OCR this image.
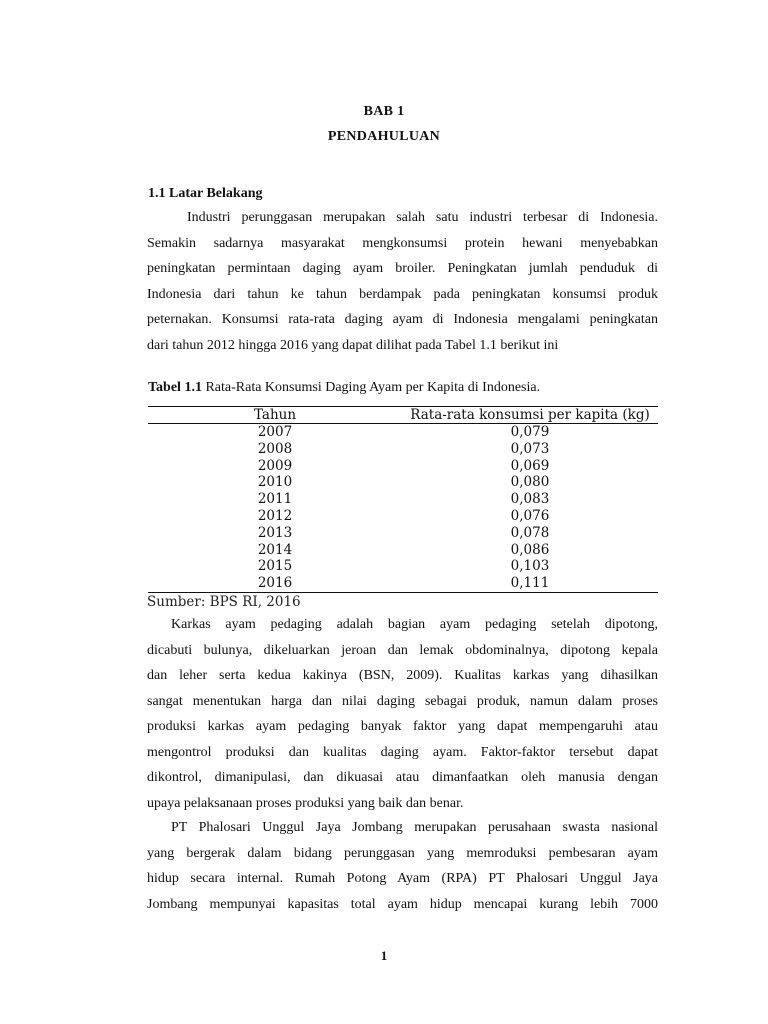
BAB 1
PENDAHULUAN
1.1 Latar Belakang
Industri perunggasan merupakan salah satu industri terbesar di Indonesia.
Semakin sadarnya masyarakat mengkonsumsi protein hewani menyebabkan
peningkatan permintaan daging ayam broiler. Peningkatan jumlah penduduk di
Indonesia dari tahun ke tahun berdampak pada peningkatan konsumsi produk
peternakan. Konsumsi rata-rata daging ayam di Indonesia mengalami peningkatan
dari tahun 2012 hingga 2016 yang dapat dilihat pada Tabel 1.1 berikut ini
Tabel 1.1 Rata-Rata Konsumsi Daging Ayam per Kapita di Indonesia.
Tahun	Rata-rata konsumsi per kapita (kg)
2007	0,079
2008	0,073
2009	0,069
2010	0,080
2011	0,083
2012	0,076
2013	0,078
2014	0,086
2015	0,103
2016	0,111
Sumber: BPS RI, 2016
Karkas ayam pedaging adalah bagian ayam pedaging setelah dipotong,
dicabuti bulunya, dikeluarkan jeroan dan lemak obdominalnya, dipotong kepala
dan leher serta kedua kakinya (BSN, 2009). Kualitas karkas yang dihasilkan
sangat menentukan harga dan nilai daging sebagai produk, namun dalam proses
produksi karkas ayam pedaging banyak faktor yang dapat mempengaruhi atau
mengontrol produksi dan kualitas daging ayam. Faktor-faktor tersebut dapat
dikontrol, dimanipulasi, dan dikuasai atau dimanfaatkan oleh manusia dengan
upaya pelaksanaan proses produksi yang baik dan benar.
PT Phalosari Unggul Jaya Jombang merupakan perusahaan swasta nasional
yang bergerak dalam bidang perunggasan yang memroduksi pembesaran ayam
hidup secara internal. Rumah Potong Ayam (RPA) PT Phalosari Unggul Jaya
Jombang mempunyai kapasitas total ayam hidup mencapai kurang lebih 7000
1
